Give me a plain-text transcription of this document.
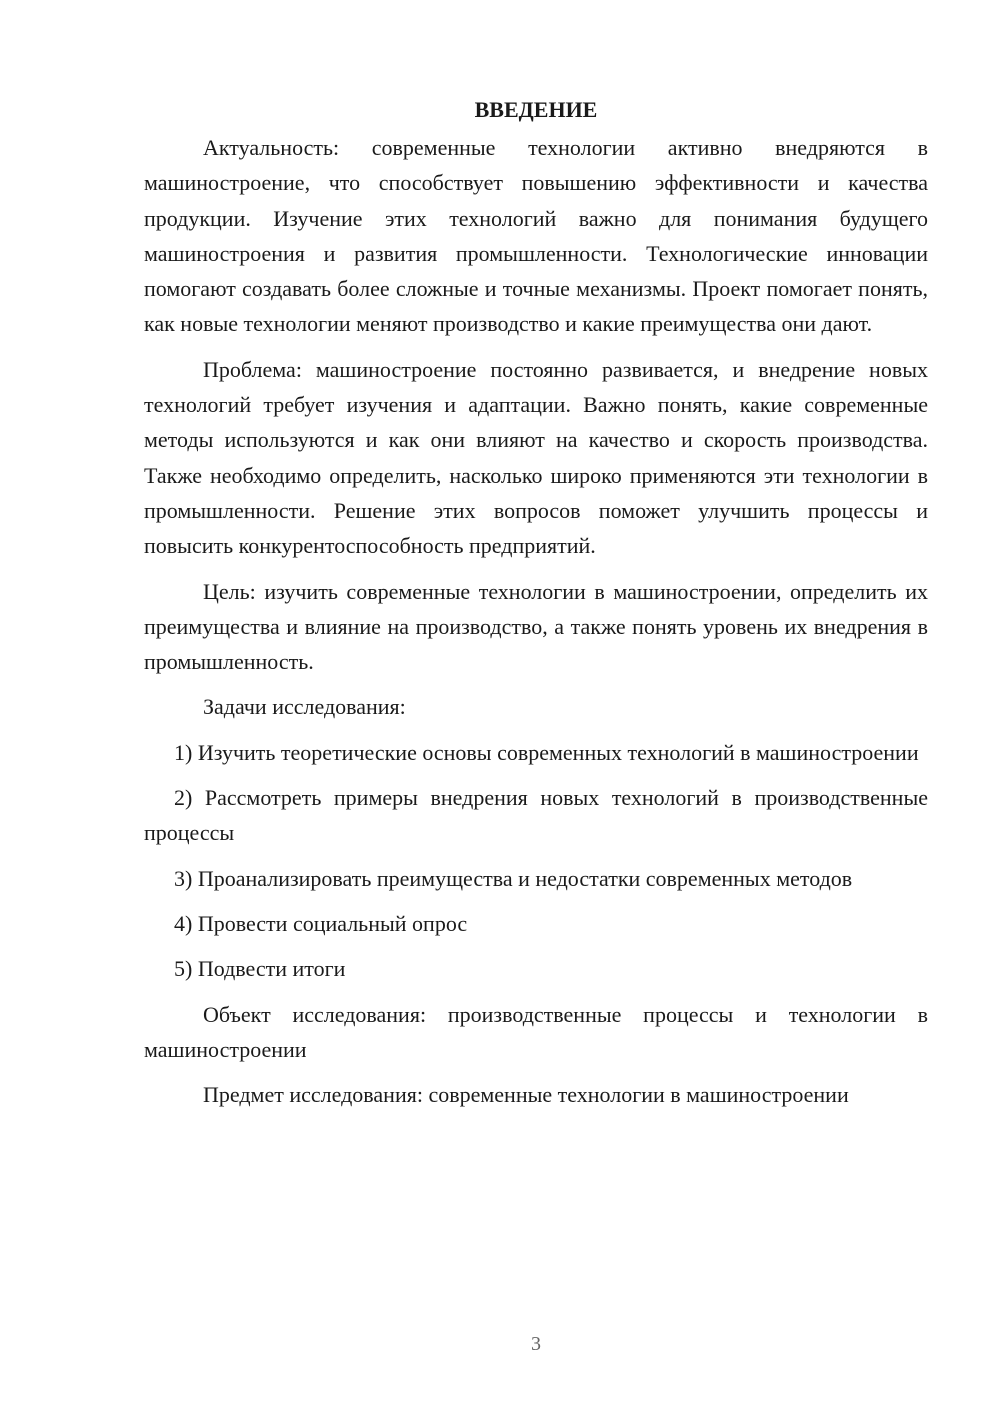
ВВЕДЕНИЕ

Актуальность: современные технологии активно внедряются в машиностроение, что способствует повышению эффективности и качества продукции. Изучение этих технологий важно для понимания будущего машиностроения и развития промышленности. Технологические инновации помогают создавать более сложные и точные механизмы. Проект помогает понять, как новые технологии меняют производство и какие преимущества они дают.

Проблема: машиностроение постоянно развивается, и внедрение новых технологий требует изучения и адаптации. Важно понять, какие современные методы используются и как они влияют на качество и скорость производства. Также необходимо определить, насколько широко применяются эти технологии в промышленности. Решение этих вопросов поможет улучшить процессы и повысить конкурентоспособность предприятий.

Цель: изучить современные технологии в машиностроении, определить их преимущества и влияние на производство, а также понять уровень их внедрения в промышленность.

Задачи исследования:

1) Изучить теоретические основы современных технологий в машиностроении

2) Рассмотреть примеры внедрения новых технологий в производственные процессы

3) Проанализировать преимущества и недостатки современных методов

4) Провести социальный опрос

5) Подвести итоги

Объект исследования: производственные процессы и технологии в машиностроении

Предмет исследования: современные технологии в машиностроении

3
